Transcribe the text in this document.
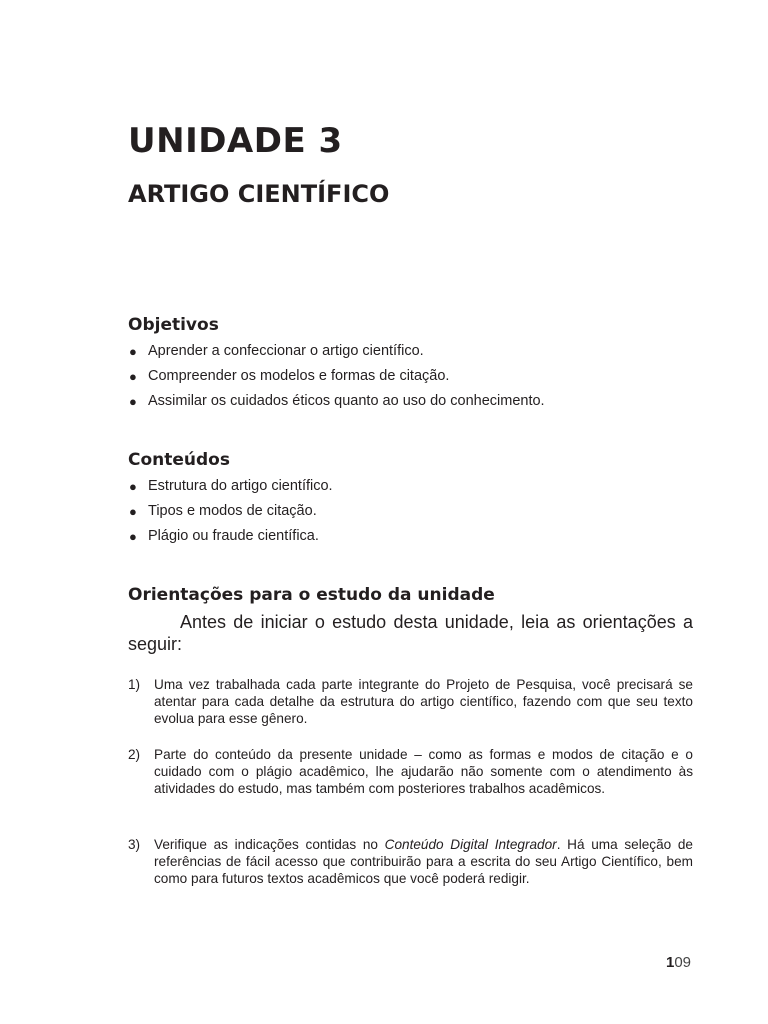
UNIDADE 3
ARTIGO CIENTÍFICO
Objetivos
● Aprender a confeccionar o artigo científico.
● Compreender os modelos e formas de citação.
● Assimilar os cuidados éticos quanto ao uso do conhecimento.
Conteúdos
● Estrutura do artigo científico.
● Tipos e modos de citação.
● Plágio ou fraude científica.
Orientações para o estudo da unidade

Antes de iniciar o estudo desta unidade, leia as orientações a seguir:

1) Uma vez trabalhada cada parte integrante do Projeto de Pesquisa, você precisará se atentar para cada detalhe da estrutura do artigo científico, fazendo com que seu texto evolua para esse gênero.
2) Parte do conteúdo da presente unidade – como as formas e modos de citação e o cuidado com o plágio acadêmico, lhe ajudarão não somente com o atendimento às atividades do estudo, mas também com posteriores trabalhos acadêmicos.
3) Verifique as indicações contidas no Conteúdo Digital Integrador. Há uma seleção de referências de fácil acesso que contribuirão para a escrita do seu Artigo Científico, bem como para futuros textos acadêmicos que você poderá redigir.
109
